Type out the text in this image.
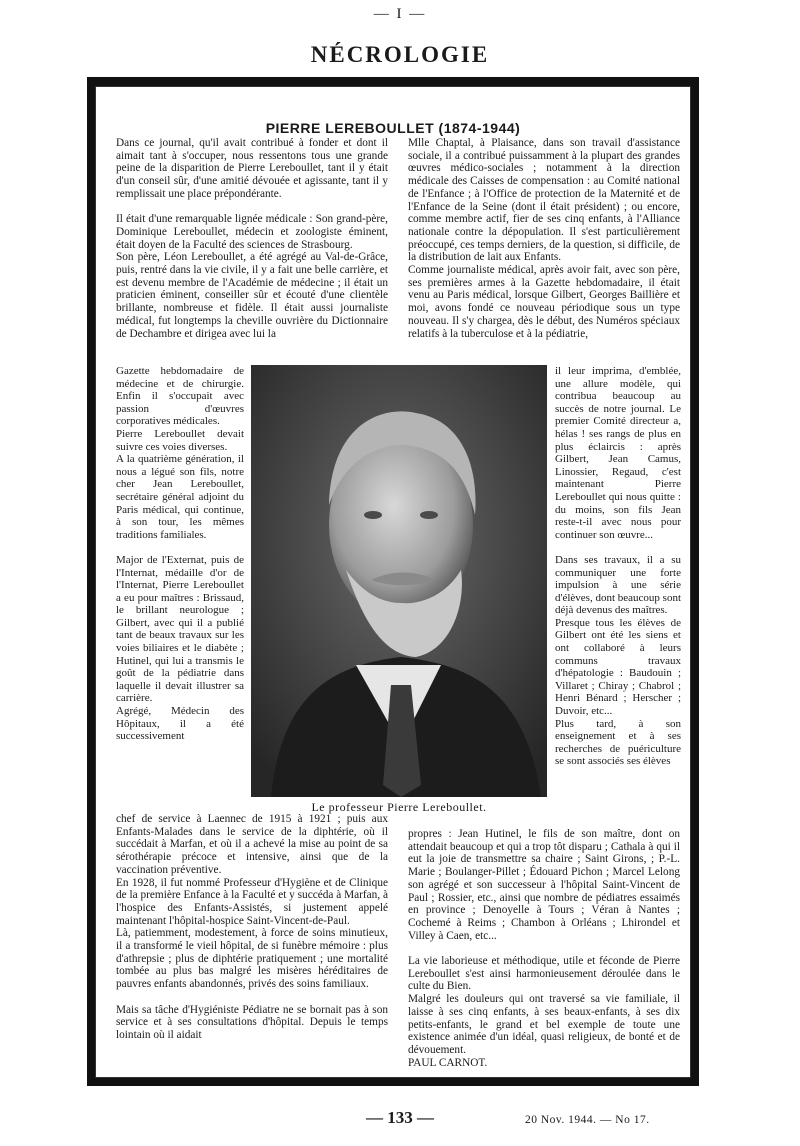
— I —
NÉCROLOGIE
PIERRE LEREBOULLET (1874-1944)
Dans ce journal, qu'il avait contribué à fonder et dont il aimait tant à s'occuper, nous ressentons tous une grande peine de la disparition de Pierre Lereboullet, tant il y était d'un conseil sûr, d'une amitié dévouée et agissante, tant il y remplissait une place prépondérante.

Il était d'une remarquable lignée médicale : Son grand-père, Dominique Lereboullet, médecin et zoologiste éminent, était doyen de la Faculté des sciences de Strasbourg.
Son père, Léon Lereboullet, a été agrégé au Val-de-Grâce, puis, rentré dans la vie civile, il y a fait une belle carrière, et est devenu membre de l'Académie de médecine ; il était un praticien éminent, conseiller sûr et écouté d'une clientèle brillante, nombreuse et fidèle. Il était aussi journaliste médical, fut longtemps la cheville ouvrière du Dictionnaire de Dechambre et dirigea avec lui la
Mlle Chaptal, à Plaisance, dans son travail d'assistance sociale, il a contribué puissamment à la plupart des grandes œuvres médico-sociales ; notamment à la direction médicale des Caisses de compensation : au Comité national de l'Enfance ; à l'Office de protection de la Maternité et de l'Enfance de la Seine (dont il était président) ; ou encore, comme membre actif, fier de ses cinq enfants, à l'Alliance nationale contre la dépopulation. Il s'est particulièrement préoccupé, ces temps derniers, de la question, si difficile, de la distribution de lait aux Enfants.
Comme journaliste médical, après avoir fait, avec son père, ses premières armes à la Gazette hebdomadaire, il était venu au Paris médical, lorsque Gilbert, Georges Baillière et moi, avons fondé ce nouveau périodique sous un type nouveau. Il s'y chargea, dès le début, des Numéros spéciaux relatifs à la tuberculose et à la pédiatrie,
Gazette hebdomadaire de médecine et de chirurgie. Enfin il s'occupait avec passion d'œuvres corporatives médicales.
Pierre Lereboullet devait suivre ces voies diverses.
A la quatrième génération, il nous a légué son fils, notre cher Jean Lereboullet, secrétaire général adjoint du Paris médical, qui continue, à son tour, les mêmes traditions familiales.

Major de l'Externat, puis de l'Internat, médaille d'or de l'Internat, Pierre Lereboullet a eu pour maîtres : Brissaud, le brillant neurologue ; Gilbert, avec qui il a publié tant de beaux travaux sur les voies biliaires et le diabète ; Hutinel, qui lui a transmis le goût de la pédiatrie dans laquelle il devait illustrer sa carrière.
Agrégé, Médecin des Hôpitaux, il a été successivement
il leur imprima, d'emblée, une allure modèle, qui contribua beaucoup au succès de notre journal. Le premier Comité directeur a, hélas ! ses rangs de plus en plus éclaircis : après Gilbert, Jean Camus, Linossier, Regaud, c'est maintenant Pierre Lereboullet qui nous quitte : du moins, son fils Jean reste-t-il avec nous pour continuer son œuvre...

Dans ses travaux, il a su communiquer une forte impulsion à une série d'élèves, dont beaucoup sont déjà devenus des maîtres.
Presque tous les élèves de Gilbert ont été les siens et ont collaboré à leurs communs travaux d'hépatologie : Baudouin ; Villaret ; Chiray ; Chabrol ; Henri Bénard ; Herscher ; Duvoir, etc...
Plus tard, à son enseignement et à ses recherches de puériculture se sont associés ses élèves
Le professeur Pierre Lereboullet.
chef de service à Laennec de 1915 à 1921 ; puis aux Enfants-Malades dans le service de la diphtérie, où il succédait à Marfan, et où il a achevé la mise au point de sa sérothérapie précoce et intensive, ainsi que de la vaccination préventive.
En 1928, il fut nommé Professeur d'Hygiène et de Clinique de la première Enfance à la Faculté et y succéda à Marfan, à l'hospice des Enfants-Assistés, si justement appelé maintenant l'hôpital-hospice Saint-Vincent-de-Paul.
Là, patiemment, modestement, à force de soins minutieux, il a transformé le vieil hôpital, de si funèbre mémoire : plus d'athrepsie ; plus de diphtérie pratiquement ; une mortalité tombée au plus bas malgré les misères héréditaires de pauvres enfants abandonnés, privés des soins familiaux.

Mais sa tâche d'Hygiéniste Pédiatre ne se bornait pas à son service et à ses consultations d'hôpital. Depuis le temps lointain où il aidait
propres : Jean Hutinel, le fils de son maître, dont on attendait beaucoup et qui a trop tôt disparu ; Cathala à qui il eut la joie de transmettre sa chaire ; Saint Girons, ; P.-L. Marie ; Boulanger-Pillet ; Édouard Pichon ; Marcel Lelong son agrégé et son successeur à l'hôpital Saint-Vincent de Paul ; Rossier, etc., ainsi que nombre de pédiatres essaimés en province ; Denoyelle à Tours ; Véran à Nantes ; Cochemé à Reims ; Chambon à Orléans ; Lhirondel et Villey à Caen, etc...

La vie laborieuse et méthodique, utile et féconde de Pierre Lereboullet s'est ainsi harmonieusement déroulée dans le culte du Bien.
Malgré les douleurs qui ont traversé sa vie familiale, il laisse à ses cinq enfants, à ses beaux-enfants, à ses dix petits-enfants, le grand et bel exemple de toute une existence animée d'un idéal, quasi religieux, de bonté et de dévouement.
PAUL CARNOT.
— 133 —	20 Nov. 1944. — No 17.
